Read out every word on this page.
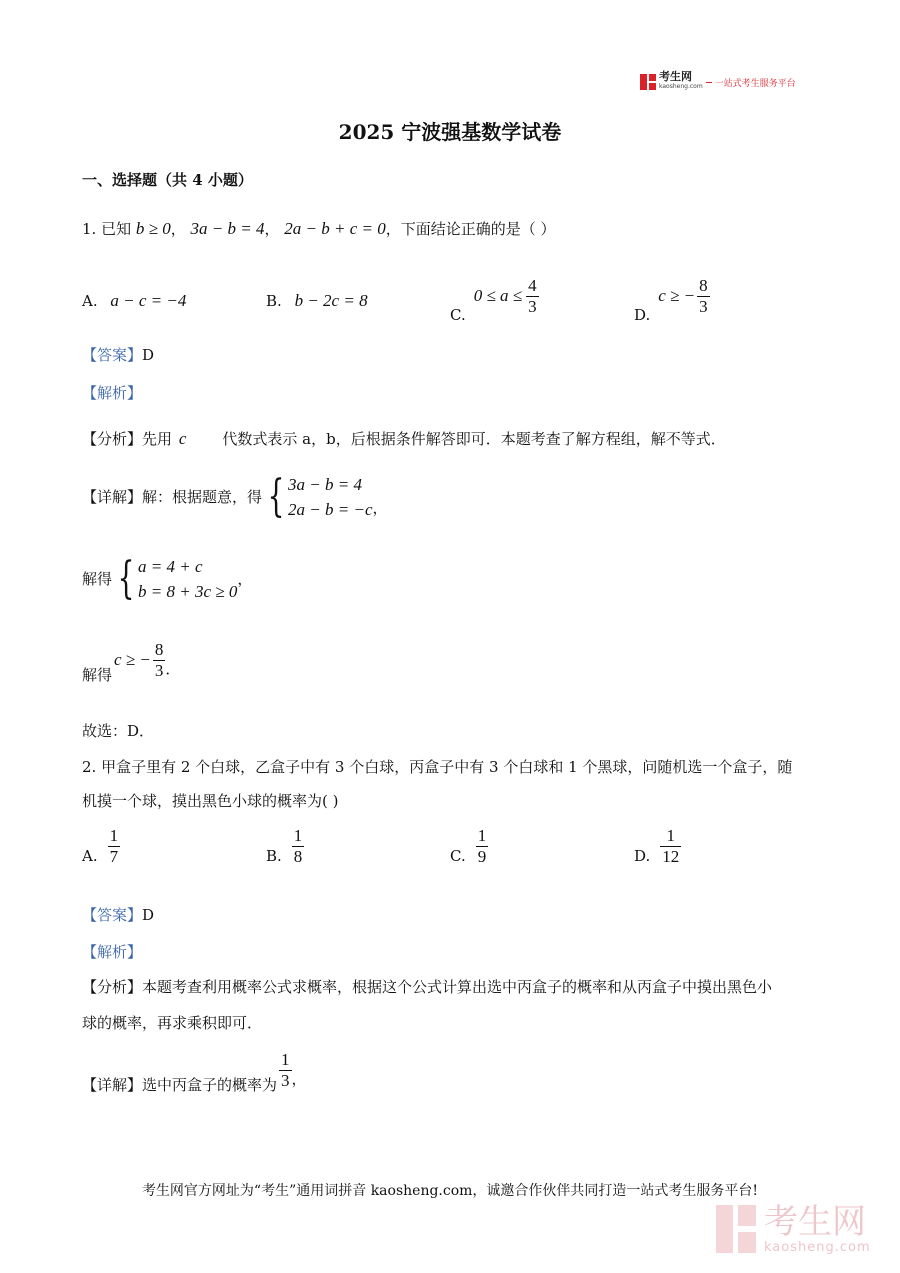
考生网
kaosheng.com 一站式考生服务平台
2025 宁波强基数学试卷
一、选择题（共 4 小题）
1. 已知 b ≥ 0， 3a − b = 4， 2a − b + c = 0，下面结论正确的是（ ）
A. a − c = −4	B. b − 2c = 8
C.
$0 \le a \le \frac{4}{3}$	D.
c ≥ − $\frac{8}{3}$
【答案】D
【解析】
【分析】先用 c 代数式表示 a，b，后根据条件解答即可．本题考查了解方程组，解不等式．
【详解】 解：根据题意，得 { 3a − b = 4
2a − b = −c ，
解得 { a = 4 + c
b = 8 + 3c ≥ 0
，
解得
c ≥ − $\frac{8}{3}$ ．
故选：D．
2. 甲盒子里有 2 个白球，乙盒子中有 3 个白球，丙盒子中有 3 个白球和 1 个黑球，问随机选一个盒子，随
机摸一个球，摸出黑色小球的概率为( )
A. $\frac{1}{7}$	B. $\frac{1}{8}$	C. $\frac{1}{9}$	D. $\frac{1}{12}$
【答案】D
【解析】
【分析】本题考查利用概率公式求概率，根据这个公式计算出选中丙盒子的概率和从丙盒子中摸出黑色小
球的概率，再求乘积即可．
【详解】 选中丙盒子的概率为 $\frac{1}{3}$ ，
考生网官方网址为“考生”通用词拼音 kaosheng.com，诚邀合作伙伴共同打造一站式考生服务平台!
考生网
kaosheng.com
